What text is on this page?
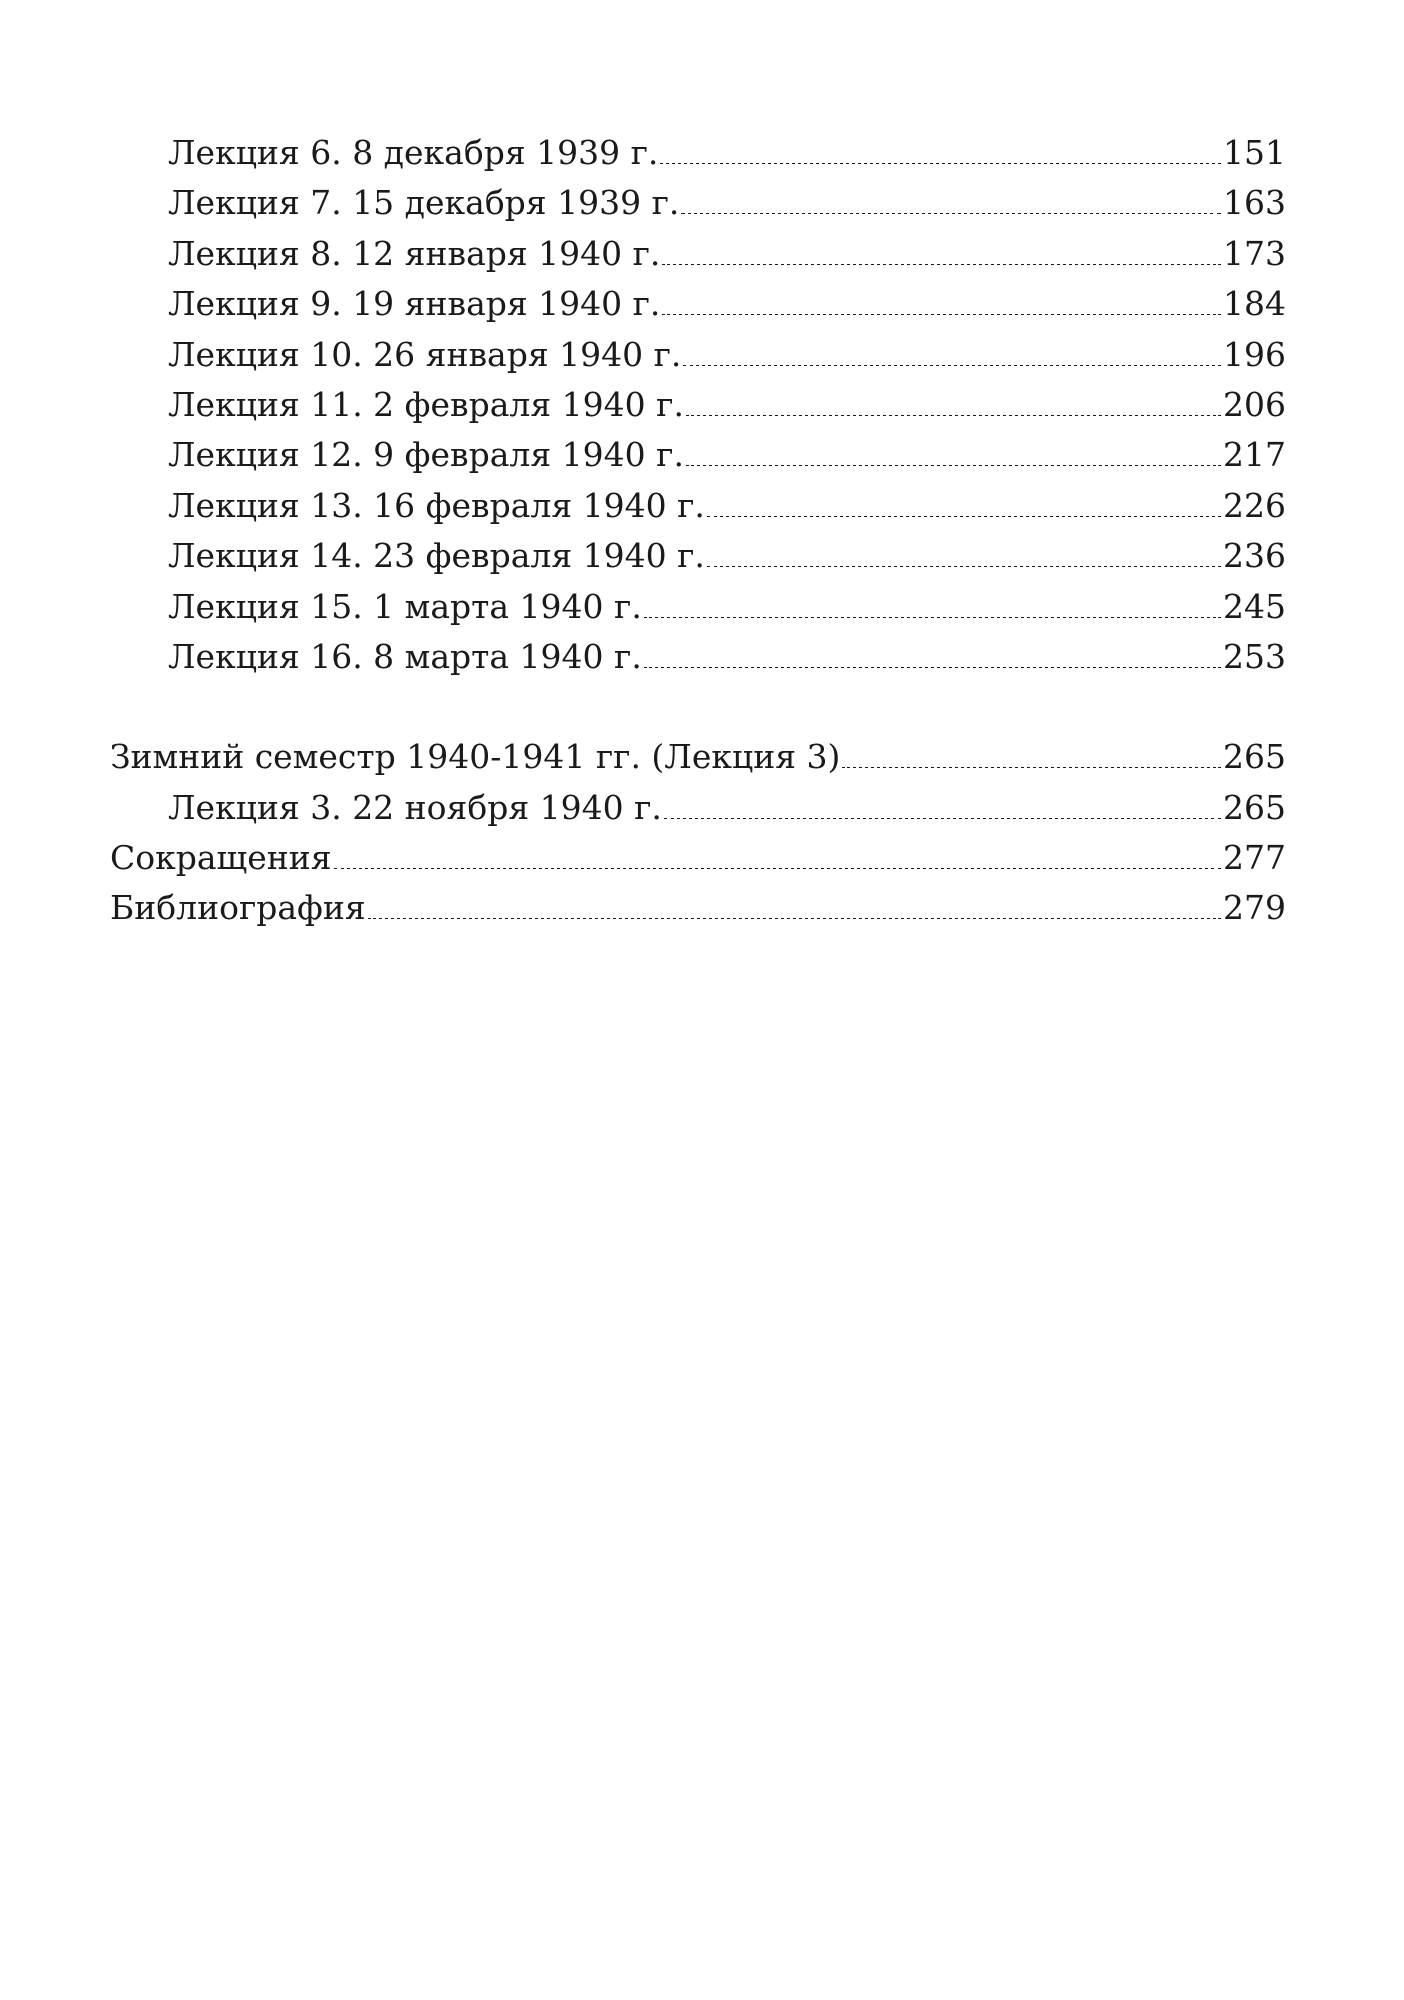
Лекция 6. 8 декабря 1939 г.	151
Лекция 7. 15 декабря 1939 г.	163
Лекция 8. 12 января 1940 г.	173
Лекция 9. 19 января 1940 г.	184
Лекция 10. 26 января 1940 г.	196
Лекция 11. 2 февраля 1940 г.	206
Лекция 12. 9 февраля 1940 г.	217
Лекция 13. 16 февраля 1940 г.	226
Лекция 14. 23 февраля 1940 г.	236
Лекция 15. 1 марта 1940 г.	245
Лекция 16. 8 марта 1940 г.	253
Зимний семестр 1940-1941 гг. (Лекция 3)	265
Лекция 3. 22 ноября 1940 г.	265
Сокращения	277
Библиография	279
